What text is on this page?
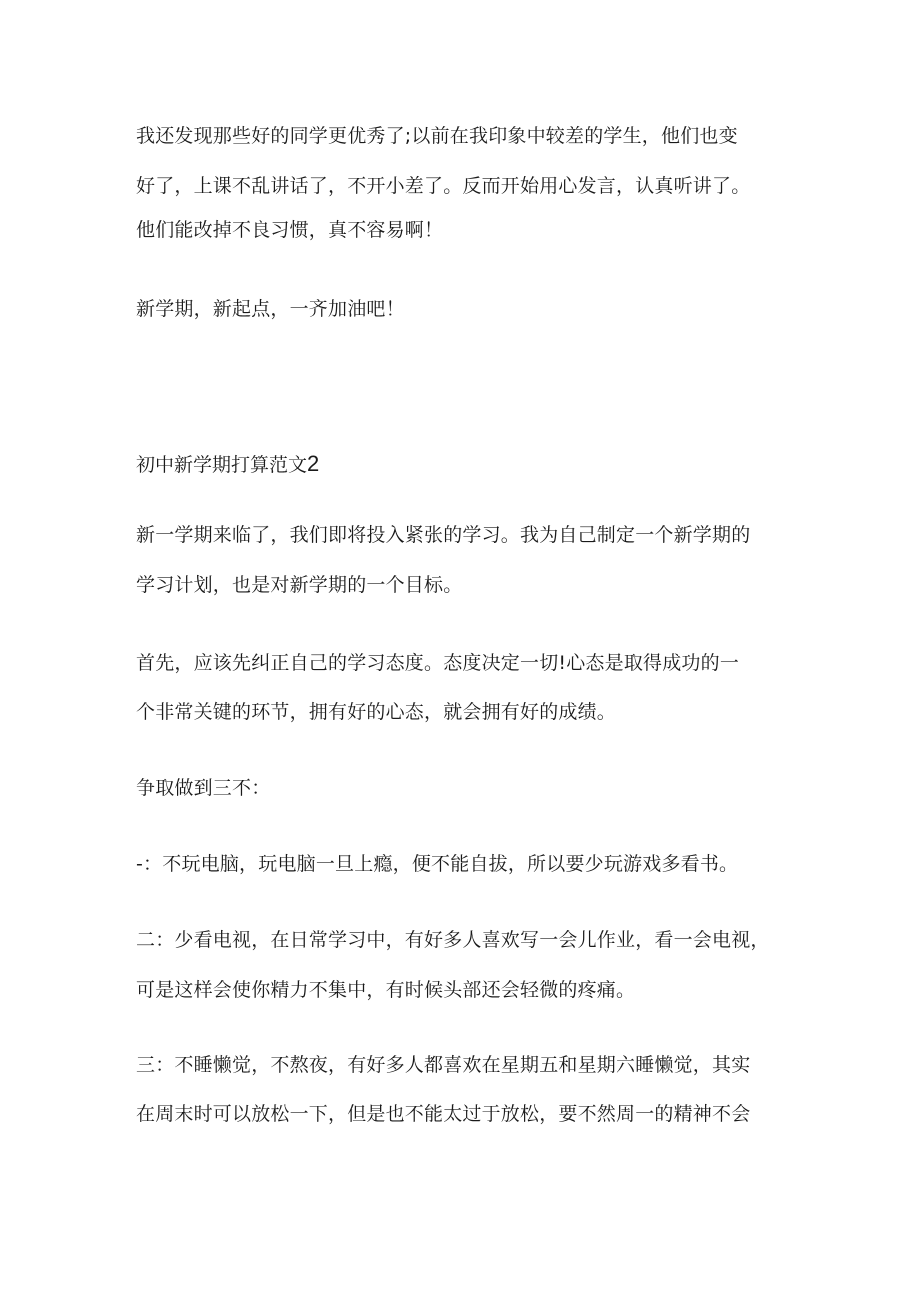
我还发现那些好的同学更优秀了;以前在我印象中较差的学生，他们也变
好了，上课不乱讲话了，不开小差了。反而开始用心发言，认真听讲了。
他们能改掉不良习惯，真不容易啊！
新学期，新起点，一齐加油吧！
初中新学期打算范文2
新一学期来临了，我们即将投入紧张的学习。我为自己制定一个新学期的
学习计划，也是对新学期的一个目标。
首先，应该先纠正自己的学习态度。态度决定一切!心态是取得成功的一
个非常关键的环节，拥有好的心态，就会拥有好的成绩。
争取做到三不：
-：不玩电脑，玩电脑一旦上瘾，便不能自拔，所以要少玩游戏多看书。
二：少看电视，在日常学习中，有好多人喜欢写一会儿作业，看一会电视，
可是这样会使你精力不集中，有时候头部还会轻微的疼痛。
三：不睡懒觉，不熬夜，有好多人都喜欢在星期五和星期六睡懒觉，其实
在周末时可以放松一下，但是也不能太过于放松，要不然周一的精神不会
